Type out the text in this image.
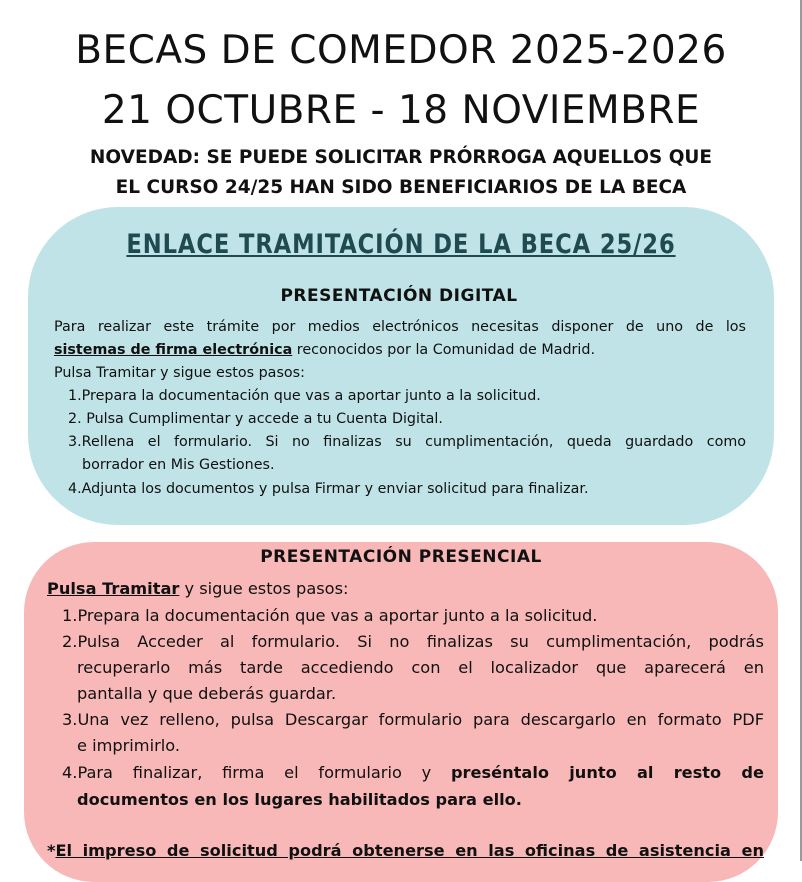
BECAS DE COMEDOR 2025-2026
21 OCTUBRE - 18 NOVIEMBRE
NOVEDAD: SE PUEDE SOLICITAR PRÓRROGA AQUELLOS QUE
EL CURSO 24/25 HAN SIDO BENEFICIARIOS DE LA BECA
ENLACE TRAMITACIÓN DE LA BECA 25/26
PRESENTACIÓN DIGITAL
Para realizar este trámite por medios electrónicos necesitas disponer de uno de los
sistemas de firma electrónica reconocidos por la Comunidad de Madrid.
Pulsa Tramitar y sigue estos pasos:
1.Prepara la documentación que vas a aportar junto a la solicitud.
2. Pulsa Cumplimentar y accede a tu Cuenta Digital.
3.Rellena el formulario. Si no finalizas su cumplimentación, queda guardado como
borrador en Mis Gestiones.
4.Adjunta los documentos y pulsa Firmar y enviar solicitud para finalizar.
PRESENTACIÓN PRESENCIAL
Pulsa Tramitar y sigue estos pasos:
1.Prepara la documentación que vas a aportar junto a la solicitud.
2.Pulsa Acceder al formulario. Si no finalizas su cumplimentación, podrás
recuperarlo más tarde accediendo con el localizador que aparecerá en
pantalla y que deberás guardar.
3.Una vez relleno, pulsa Descargar formulario para descargarlo en formato PDF
e imprimirlo.
4.Para finalizar, firma el formulario y preséntalo junto al resto de
documentos en los lugares habilitados para ello.
*El impreso de solicitud podrá obtenerse en las oficinas de asistencia en
